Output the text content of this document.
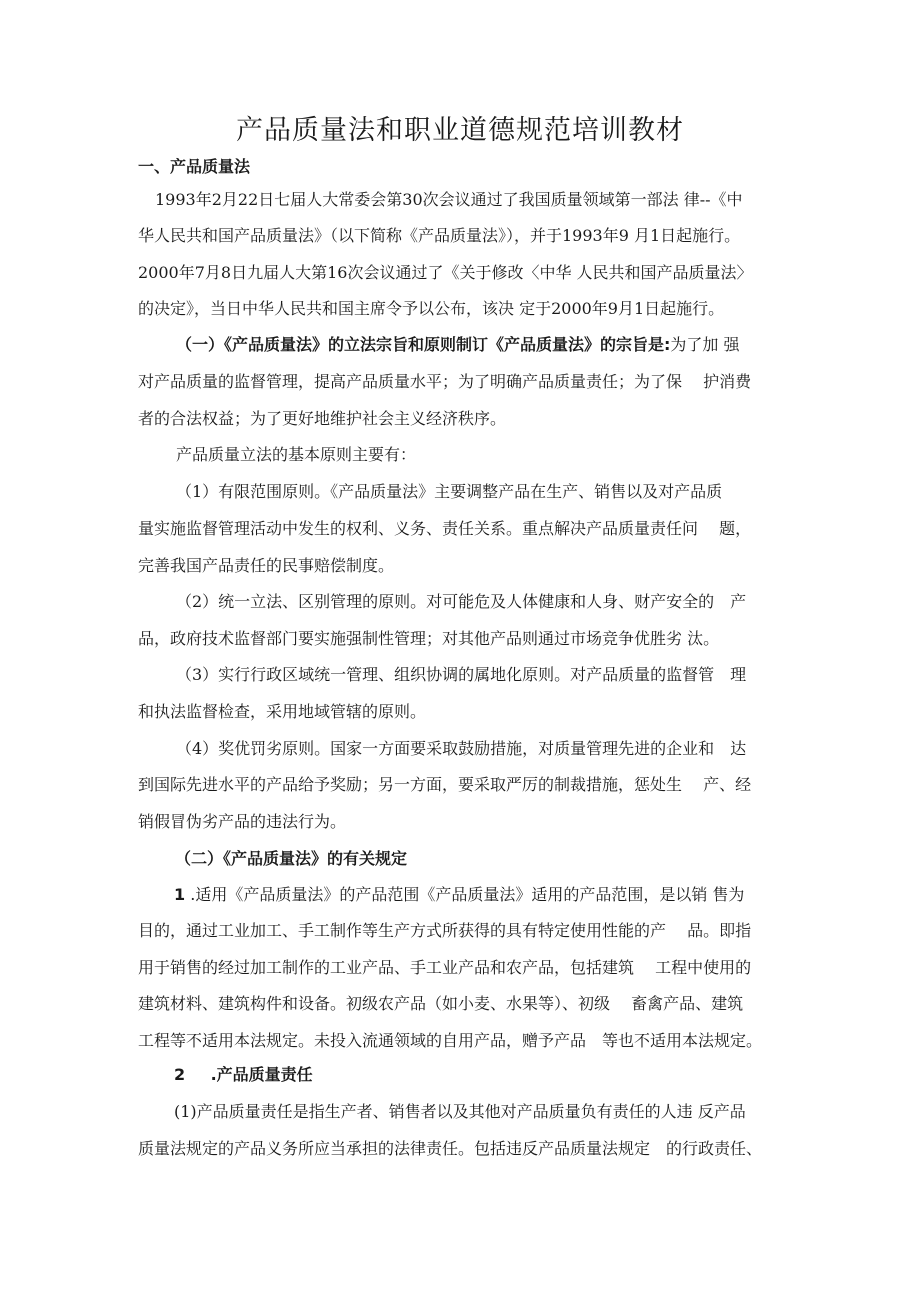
产品质量法和职业道德规范培训教材
一、产品质量法
1993年2月22日七届人大常委会第30次会议通过了我国质量领域第一部法 律--《中
华人民共和国产品质量法》（以下简称《产品质量法》），并于1993年9 月1日起施行。
2000年7月8日九届人大第16次会议通过了《关于修改〈中华 人民共和国产品质量法〉
的决定》，当日中华人民共和国主席令予以公布，该决 定于2000年9月1日起施行。
（一）《产品质量法》的立法宗旨和原则制订《产品质量法》的宗旨是:为了加 强
对产品质量的监督管理，提高产品质量水平；为了明确产品质量责任；为了保　 护消费
者的合法权益；为了更好地维护社会主义经济秩序。
产品质量立法的基本原则主要有：
（1）有限范围原则。《产品质量法》主要调整产品在生产、销售以及对产品质
量实施监督管理活动中发生的权利、义务、责任关系。重点解决产品质量责任问　 题，
完善我国产品责任的民事赔偿制度。
（2）统一立法、区别管理的原则。对可能危及人体健康和人身、财产安全的　产
品，政府技术监督部门要实施强制性管理；对其他产品则通过市场竞争优胜劣 汰。
（3）实行行政区域统一管理、组织协调的属地化原则。对产品质量的监督管　理
和执法监督检查，采用地域管辖的原则。
（4）奖优罚劣原则。国家一方面要采取鼓励措施，对质量管理先进的企业和　达
到国际先进水平的产品给予奖励；另一方面，要采取严厉的制裁措施，惩处生　 产、经
销假冒伪劣产品的违法行为。
（二）《产品质量法》的有关规定
1 .适用《产品质量法》的产品范围《产品质量法》适用的产品范围，是以销 售为
目的，通过工业加工、手工制作等生产方式所获得的具有特定使用性能的产　 品。即指
用于销售的经过加工制作的工业产品、手工业产品和农产品，包括建筑　 工程中使用的
建筑材料、建筑构件和设备。初级农产品（如小麦、水果等）、初级　 畜禽产品、建筑
工程等不适用本法规定。未投入流通领域的自用产品，赠予产品　等也不适用本法规定。
2 .产品质量责任
(1)产品质量责任是指生产者、销售者以及其他对产品质量负有责任的人违 反产品
质量法规定的产品义务所应当承担的法律责任。包括违反产品质量法规定　的行政责任、
